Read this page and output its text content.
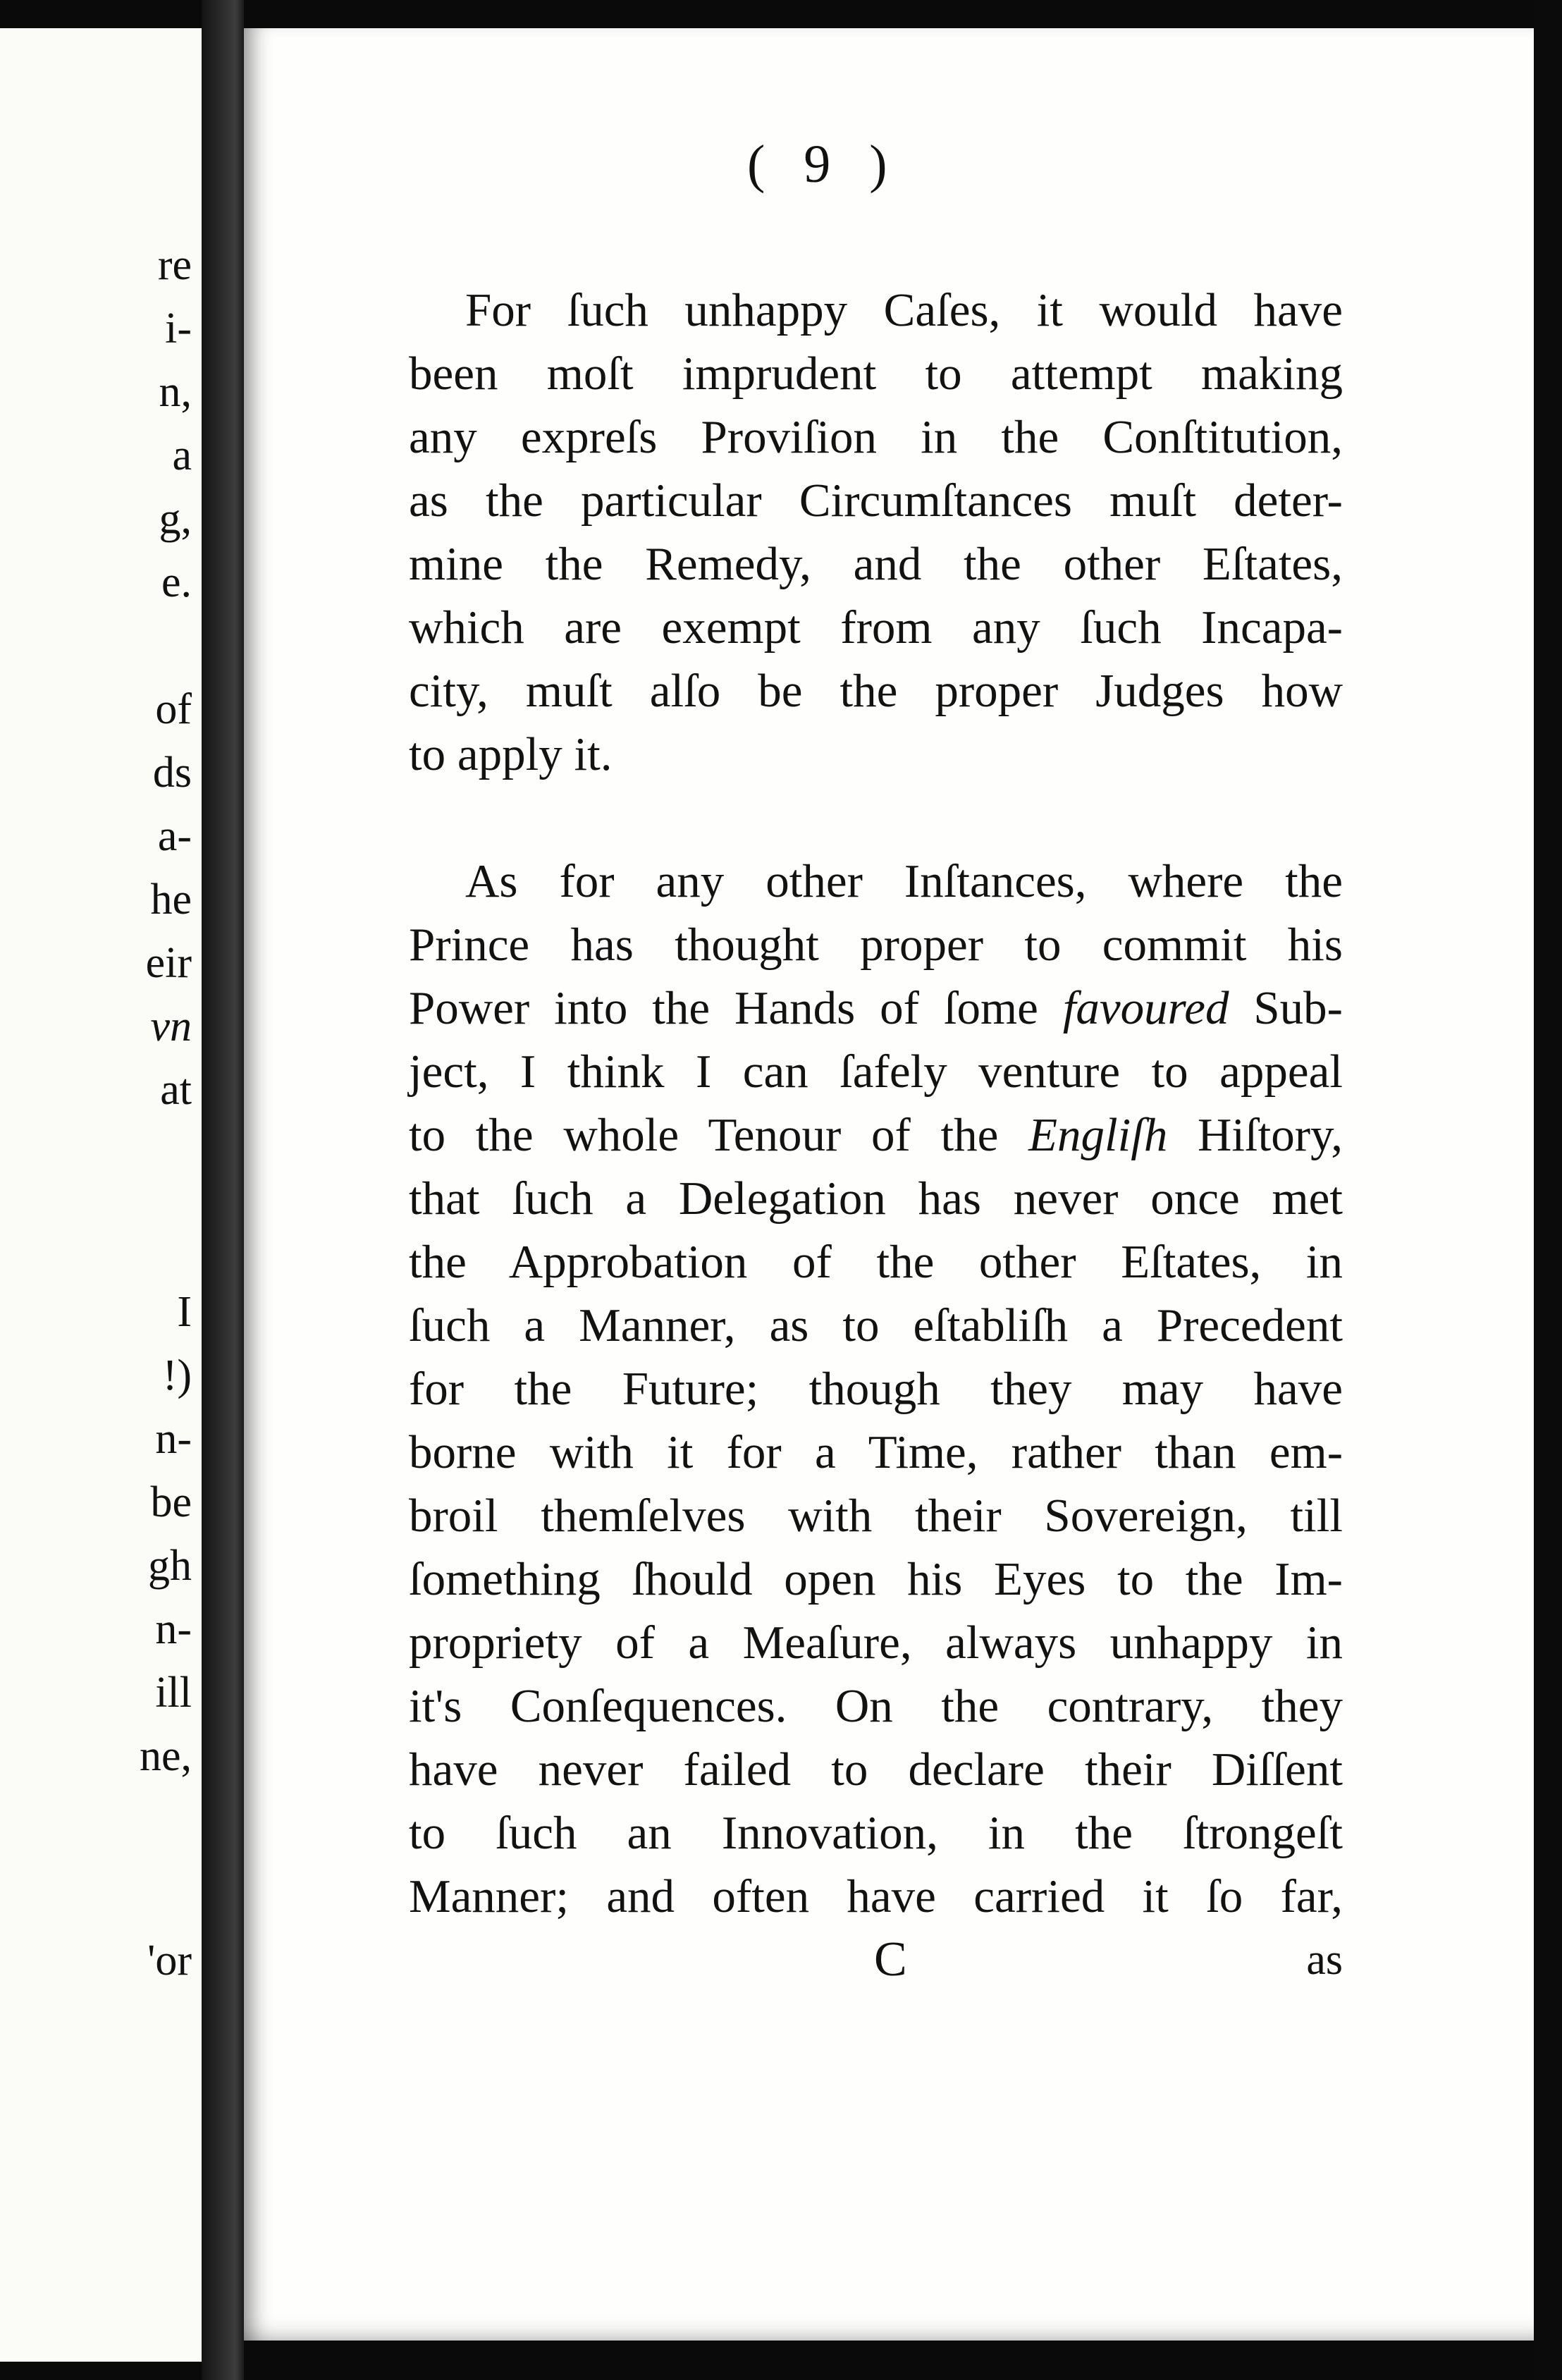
re
i-
n,
a
g,
e.
of
ds
a-
he
eir
vn
at
I
!)
n-
be
gh
n-
ill
ne,
'or
( 9 )
For ſuch unhappy Caſes, it would have
been moſt imprudent to attempt making
any expreſs Proviſion in the Conſtitution,
as the particular Circumſtances muſt deter-
mine the Remedy, and the other Eſtates,
which are exempt from any ſuch Incapa-
city, muſt alſo be the proper Judges how
to apply it.
As for any other Inſtances, where the
Prince has thought proper to commit his
Power into the Hands of ſome favoured Sub-
ject, I think I can ſafely venture to appeal
to the whole Tenour of the Engliſh Hiſtory,
that ſuch a Delegation has never once met
the Approbation of the other Eſtates, in
ſuch a Manner, as to eſtabliſh a Precedent
for the Future; though they may have
borne with it for a Time, rather than em-
broil themſelves with their Sovereign, till
ſomething ſhould open his Eyes to the Im-
propriety of a Meaſure, always unhappy in
it's Conſequences. On the contrary, they
have never failed to declare their Diſſent
to ſuch an Innovation, in the ſtrongeſt
Manner; and often have carried it ſo far,
C	as
